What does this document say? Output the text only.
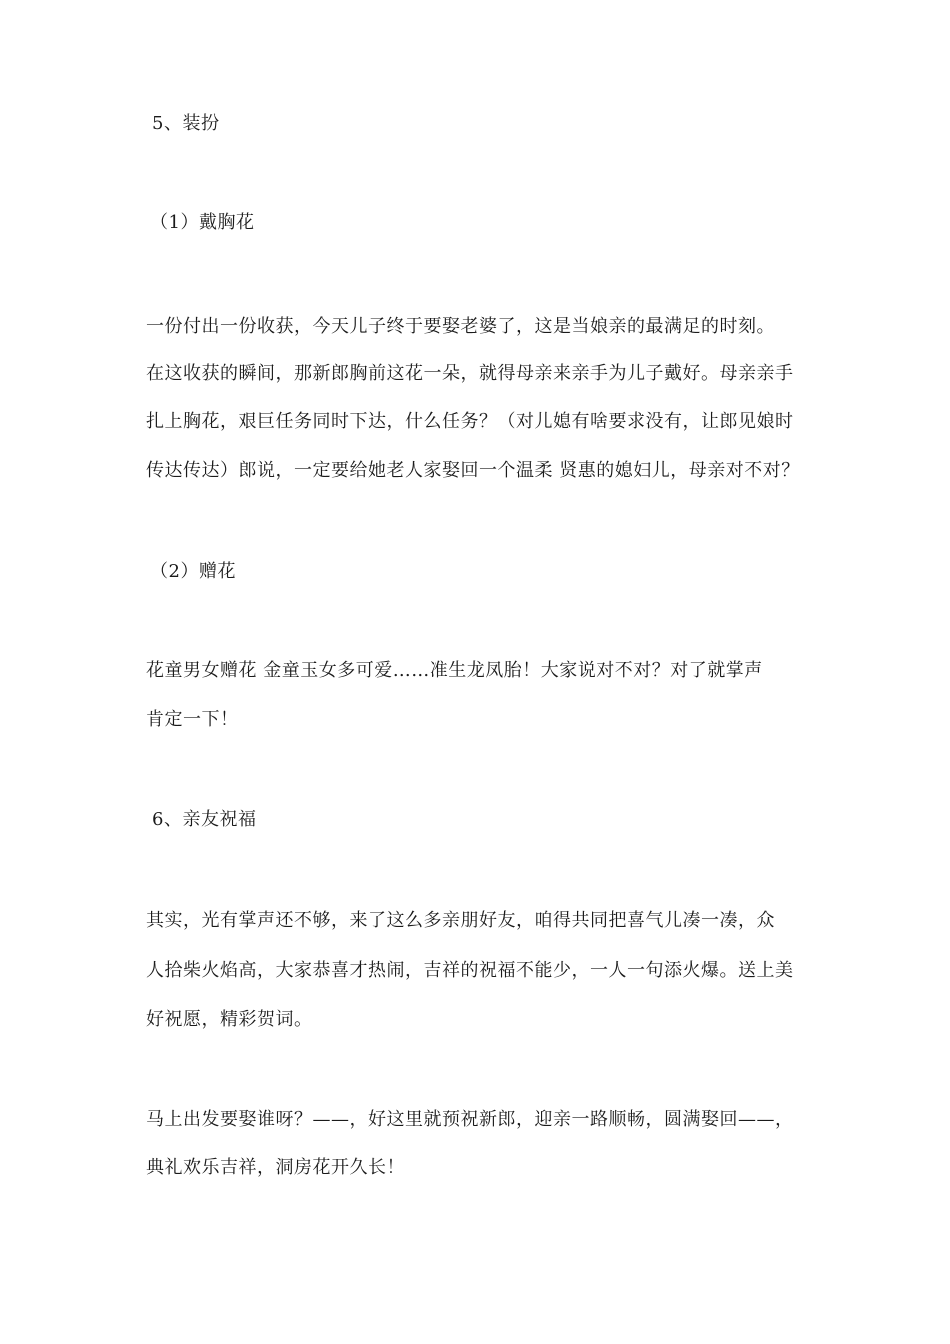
5、装扮
（1）戴胸花
一份付出一份收获，今天儿子终于要娶老婆了，这是当娘亲的最满足的时刻。
在这收获的瞬间，那新郎胸前这花一朵，就得母亲来亲手为儿子戴好。母亲亲手
扎上胸花，艰巨任务同时下达，什么任务？（对儿媳有啥要求没有，让郎见娘时
传达传达）郎说，一定要给她老人家娶回一个温柔 贤惠的媳妇儿，母亲对不对？
（2）赠花
花童男女赠花 金童玉女多可爱……准生龙凤胎！大家说对不对？对了就掌声
肯定一下！
6、亲友祝福
其实，光有掌声还不够，来了这么多亲朋好友，咱得共同把喜气儿凑一凑，众
人拾柴火焰高，大家恭喜才热闹，吉祥的祝福不能少，一人一句添火爆。送上美
好祝愿，精彩贺词。
马上出发要娶谁呀？——，好这里就预祝新郎，迎亲一路顺畅，圆满娶回——，
典礼欢乐吉祥，洞房花开久长！
